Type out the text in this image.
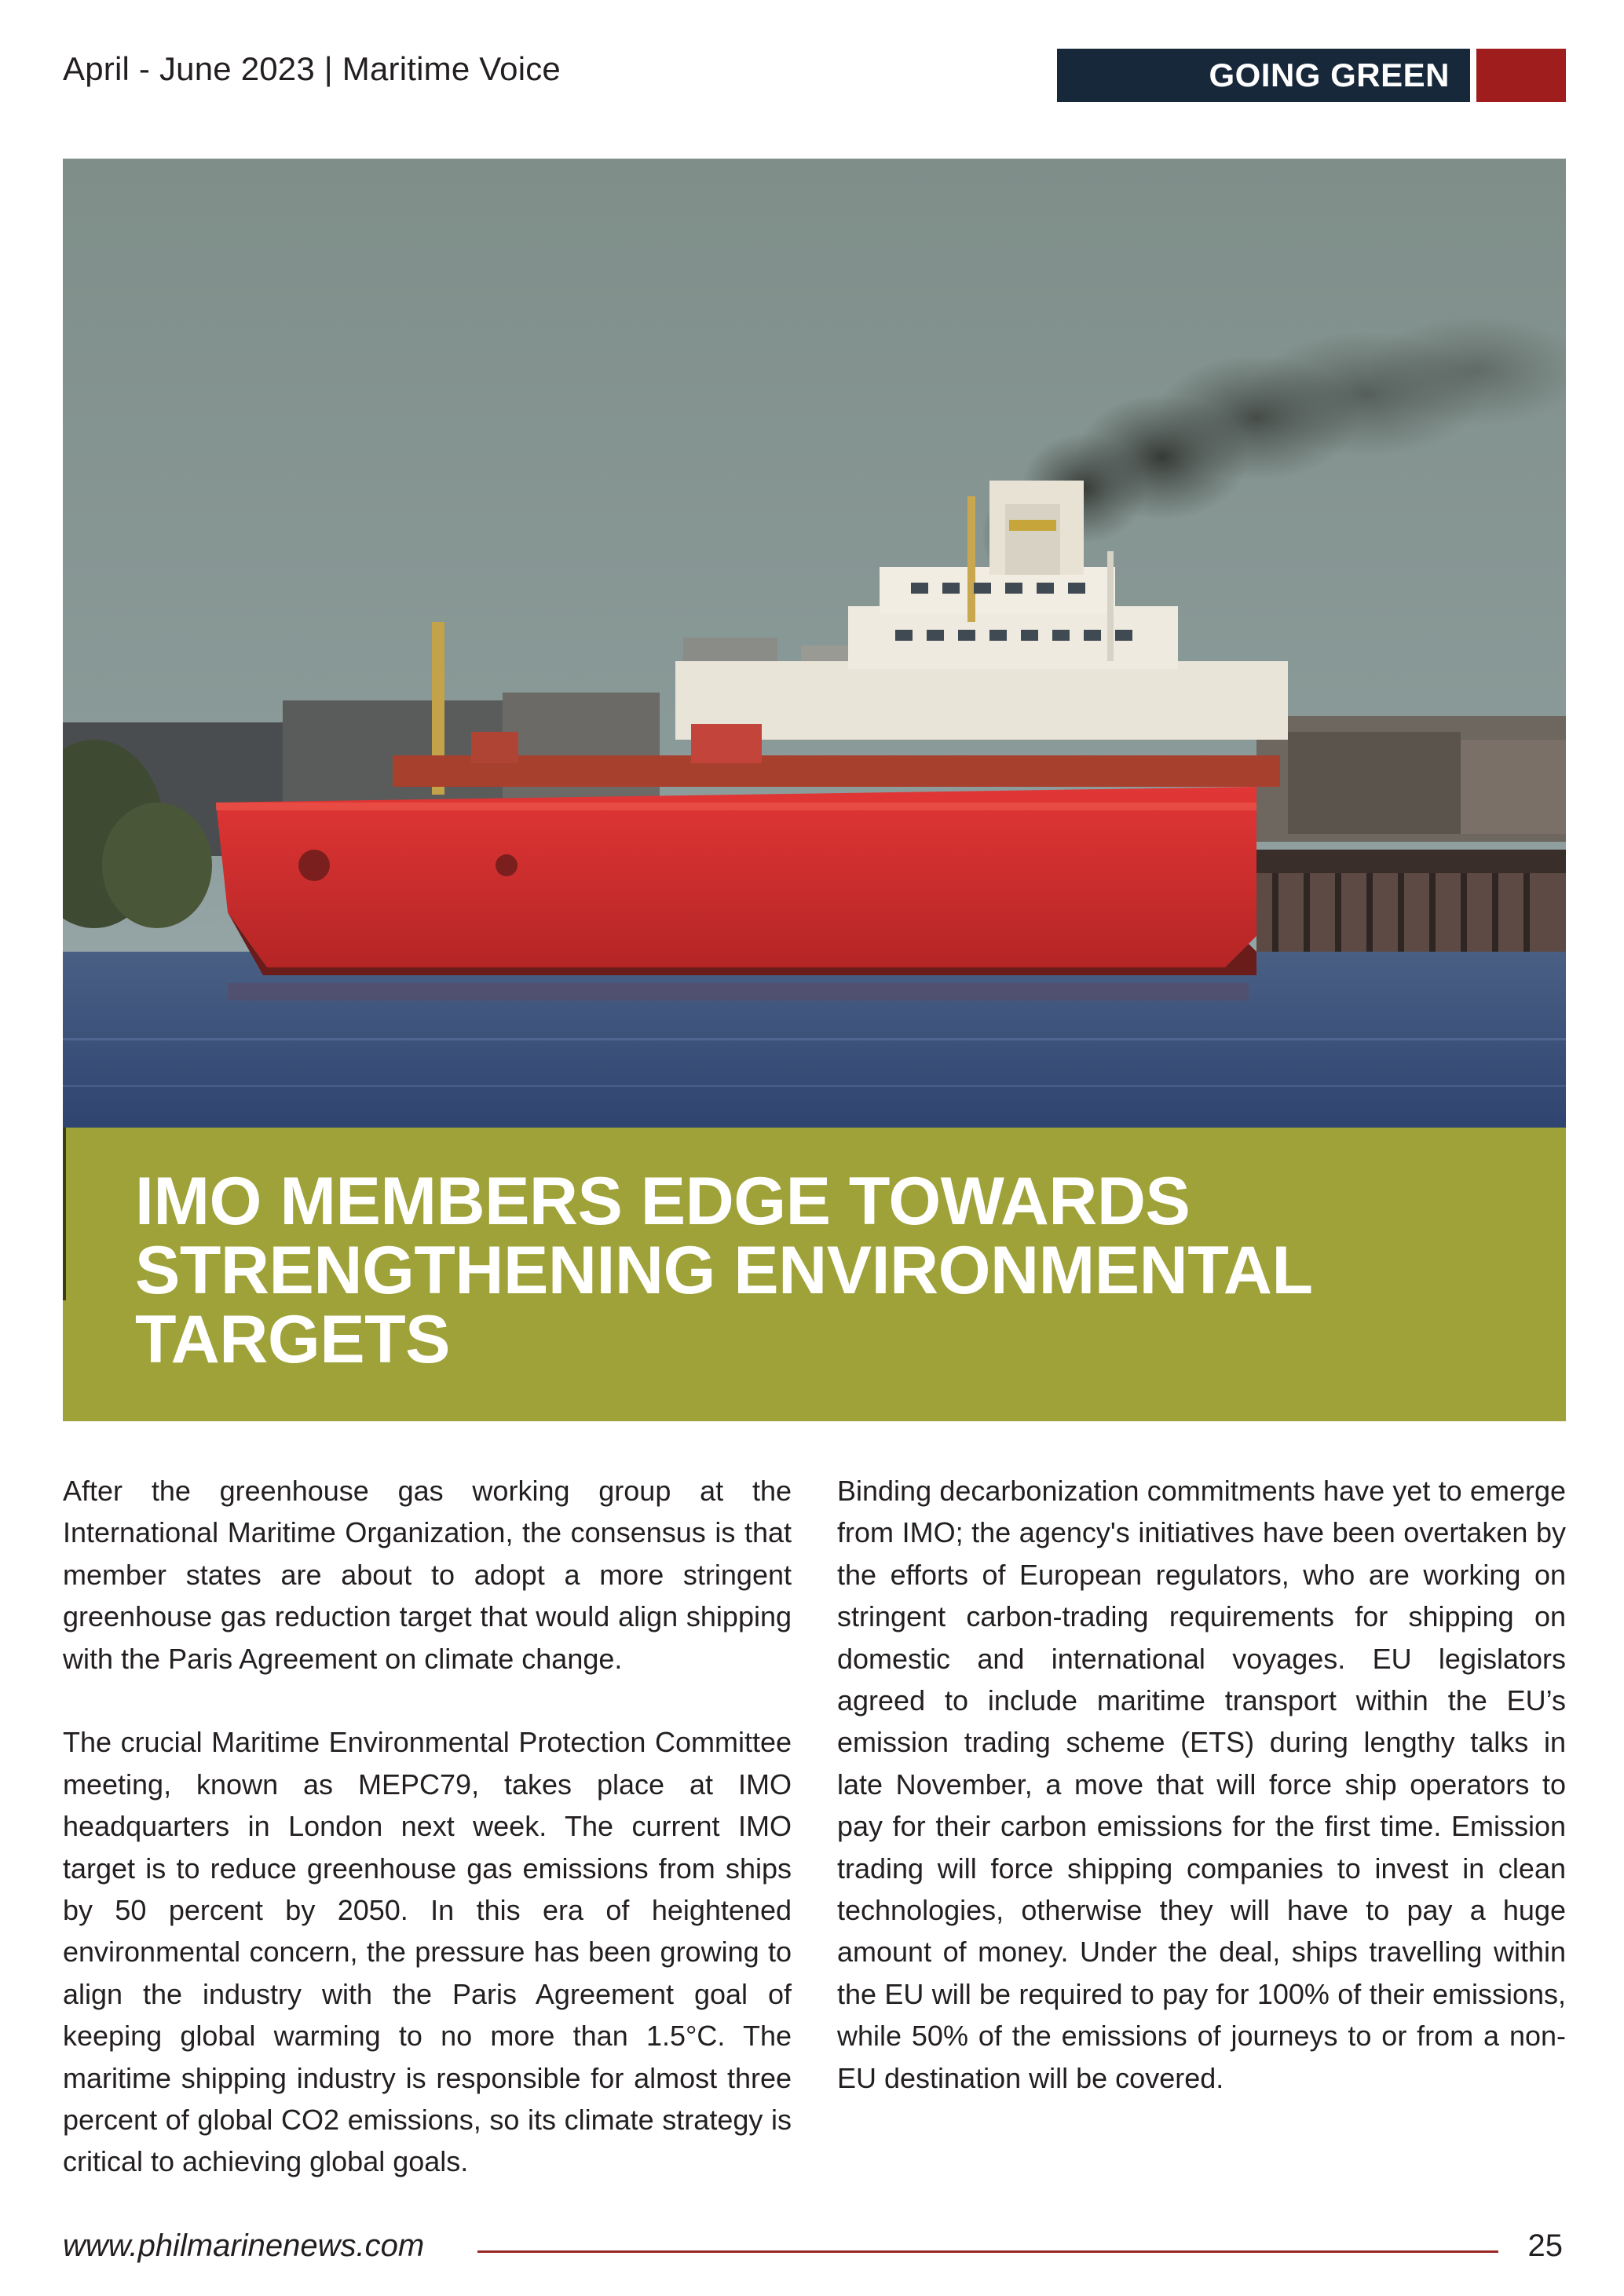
April - June 2023 | Maritime Voice	GOING GREEN
IMO MEMBERS EDGE TOWARDS STRENGTHENING ENVIRONMENTAL TARGETS

After the greenhouse gas working group at the International Maritime Organization, the consensus is that member states are about to adopt a more stringent greenhouse gas reduction target that would align shipping with the Paris Agreement on climate change.

The crucial Maritime Environmental Protection Committee meeting, known as MEPC79, takes place at IMO headquarters in London next week. The current IMO target is to reduce greenhouse gas emissions from ships by 50 percent by 2050. In this era of heightened environmental concern, the pressure has been growing to align the industry with the Paris Agreement goal of keeping global warming to no more than 1.5°C. The maritime shipping industry is responsible for almost three percent of global CO2 emissions, so its climate strategy is critical to achieving global goals.

Binding decarbonization commitments have yet to emerge from IMO; the agency's initiatives have been overtaken by the efforts of European regulators, who are working on stringent carbon-trading requirements for shipping on domestic and international voyages. EU legislators agreed to include maritime transport within the EU’s emission trading scheme (ETS) during lengthy talks in late November, a move that will force ship operators to pay for their carbon emissions for the first time. Emission trading will force shipping companies to invest in clean technologies, otherwise they will have to pay a huge amount of money. Under the deal, ships travelling within the EU will be required to pay for 100% of their emissions, while 50% of the emissions of journeys to or from a non-EU destination will be covered.

www.philmarinenews.com	25
